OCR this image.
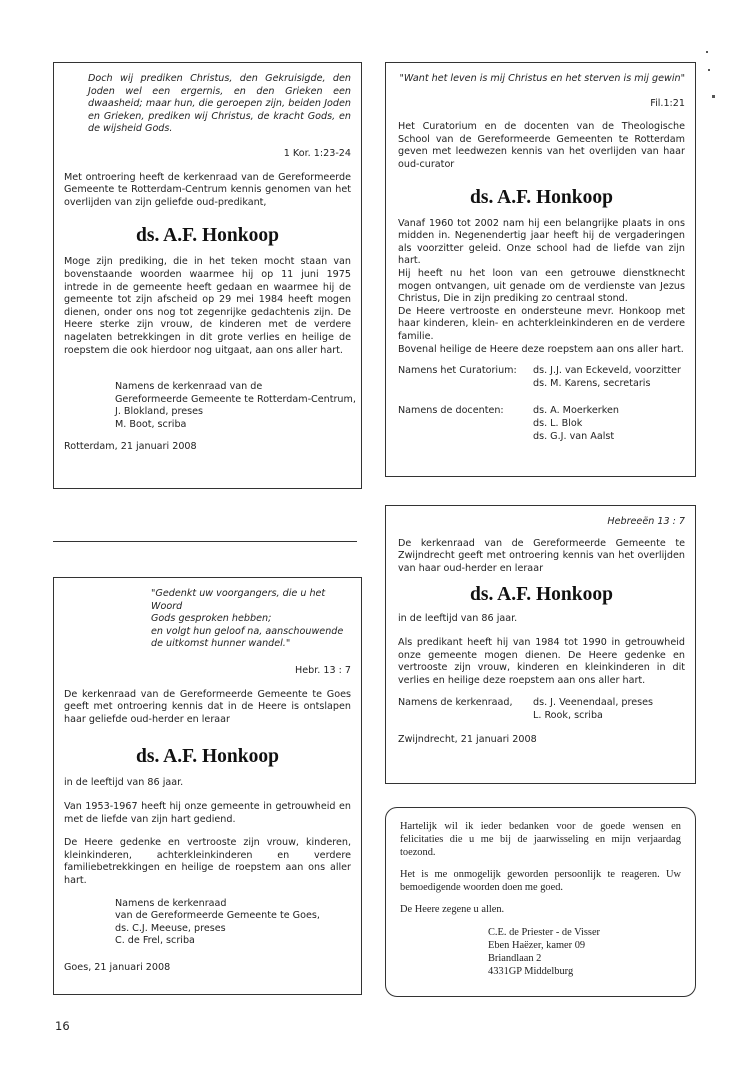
Doch wij prediken Christus, den Gekruisigde, den Joden wel een ergernis, en den Grieken een dwaasheid; maar hun, die geroepen zijn, beiden Joden en Grieken, prediken wij Christus, de kracht Gods, en de wijsheid Gods.

1 Kor. 1:23-24

Met ontroering heeft de kerkenraad van de Gereformeerde Gemeente te Rotterdam-Centrum kennis genomen van het overlijden van zijn geliefde oud-predikant,

ds. A.F. Honkoop

Moge zijn prediking, die in het teken mocht staan van bovenstaande woorden waarmee hij op 11 juni 1975 intrede in de gemeente heeft gedaan en waarmee hij de gemeente tot zijn afscheid op 29 mei 1984 heeft mogen dienen, onder ons nog tot zegenrijke gedachtenis zijn. De Heere sterke zijn vrouw, de kinderen met de verdere nagelaten betrekkingen in dit grote verlies en heilige de roepstem die ook hierdoor nog uitgaat, aan ons aller hart.

Namens de kerkenraad van de
Gereformeerde Gemeente te Rotterdam-Centrum,
J. Blokland, preses
M. Boot, scriba

Rotterdam, 21 januari 2008

"Gedenkt uw voorgangers, die u het Woord
Gods gesproken hebben;
en volgt hun geloof na, aanschouwende
de uitkomst hunner wandel."

Hebr. 13 : 7

De kerkenraad van de Gereformeerde Gemeente te Goes geeft met ontroering kennis dat in de Heere is ontslapen haar geliefde oud-herder en leraar

ds. A.F. Honkoop

in de leeftijd van 86 jaar.

Van 1953-1967 heeft hij onze gemeente in getrouwheid en met de liefde van zijn hart gediend.

De Heere gedenke en vertrooste zijn vrouw, kinderen, kleinkinderen, achterkleinkinderen en verdere familiebetrekkingen en heilige de roepstem aan ons aller hart.

Namens de kerkenraad
van de Gereformeerde Gemeente te Goes,
ds. C.J. Meeuse, preses
C. de Frel, scriba

Goes, 21 januari 2008

"Want het leven is mij Christus en het sterven is mij gewin"

Fil.1:21

Het Curatorium en de docenten van de Theologische School van de Gereformeerde Gemeenten te Rotterdam geven met leedwezen kennis van het overlijden van haar oud-curator

ds. A.F. Honkoop

Vanaf 1960 tot 2002 nam hij een belangrijke plaats in ons midden in. Negenendertig jaar heeft hij de vergaderingen als voorzitter geleid. Onze school had de liefde van zijn hart.

Hij heeft nu het loon van een getrouwe dienstknecht mogen ontvangen, uit genade om de verdienste van Jezus Christus, Die in zijn prediking zo centraal stond.

De Heere vertrooste en ondersteune mevr. Honkoop met haar kinderen, klein- en achterkleinkinderen en de verdere familie.

Bovenal heilige de Heere deze roepstem aan ons aller hart.

Namens het Curatorium: ds. J.J. van Eckeveld, voorzitter
ds. M. Karens, secretaris
Namens de docenten:	ds. A. Moerkerken
ds. L. Blok
ds. G.J. van Aalst

Hebreeën 13 : 7

De kerkenraad van de Gereformeerde Gemeente te Zwijndrecht geeft met ontroering kennis van het overlijden van haar oud-herder en leraar

ds. A.F. Honkoop

in de leeftijd van 86 jaar.

Als predikant heeft hij van 1984 tot 1990 in getrouwheid onze gemeente mogen dienen. De Heere gedenke en vertrooste zijn vrouw, kinderen en kleinkinderen in dit verlies en heilige deze roepstem aan ons aller hart.

Namens de kerkenraad, ds. J. Veenendaal, preses
L. Rook, scriba

Zwijndrecht, 21 januari 2008

Hartelijk wil ik ieder bedanken voor de goede wensen en felicitaties die u me bij de jaarwisseling en mijn verjaardag toezond.

Het is me onmogelijk geworden persoonlijk te reageren. Uw bemoedigende woorden doen me goed.

De Heere zegene u allen.

C.E. de Priester - de Visser
Eben Haëzer, kamer 09
Briandlaan 2
4331GP Middelburg
16
